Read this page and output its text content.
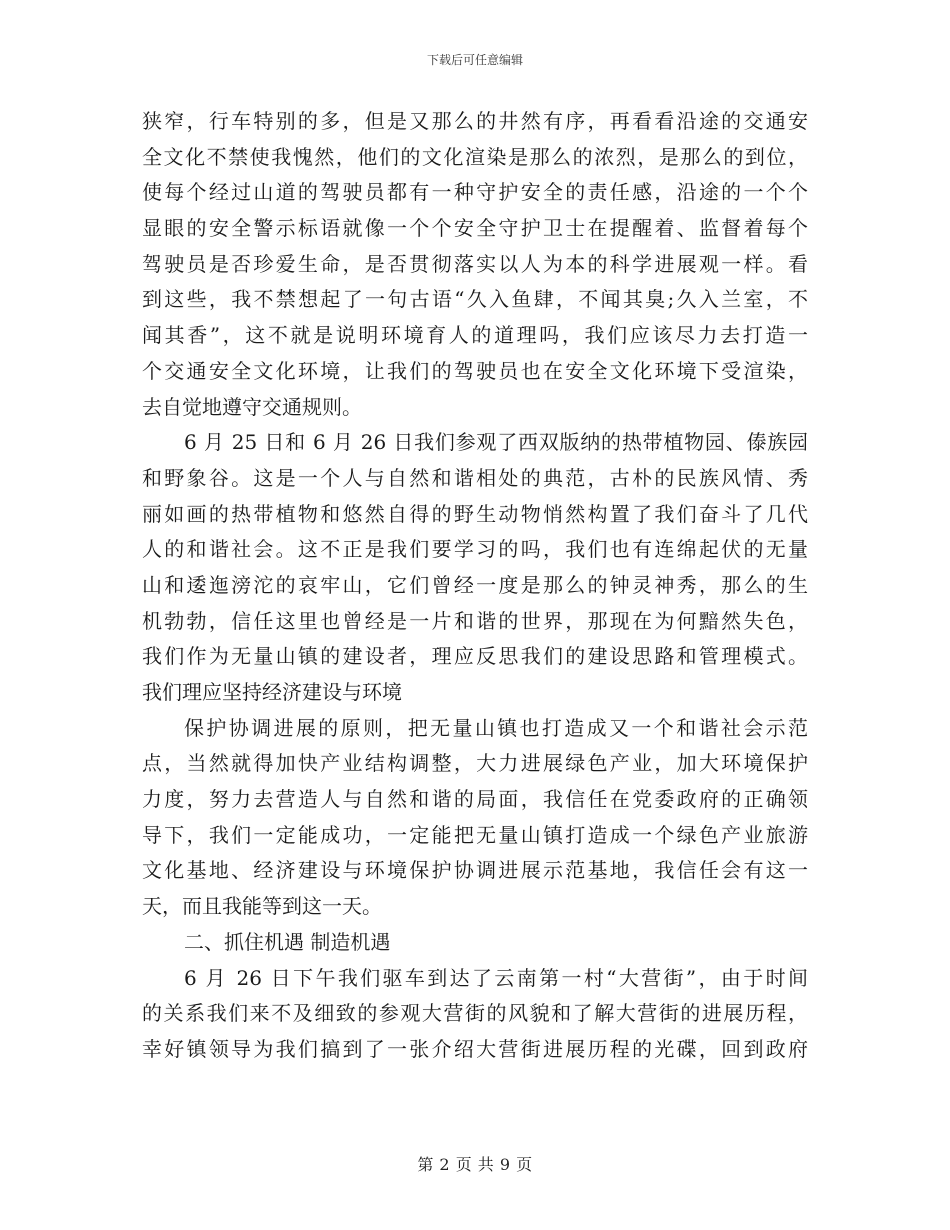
下载后可任意编辑
狭窄，行车特别的多，但是又那么的井然有序，再看看沿途的交通安
全文化不禁使我愧然，他们的文化渲染是那么的浓烈，是那么的到位，
使每个经过山道的驾驶员都有一种守护安全的责任感，沿途的一个个
显眼的安全警示标语就像一个个安全守护卫士在提醒着、监督着每个
驾驶员是否珍爱生命，是否贯彻落实以人为本的科学进展观一样。看
到这些，我不禁想起了一句古语“久入鱼肆，不闻其臭;久入兰室，不
闻其香”，这不就是说明环境育人的道理吗，我们应该尽力去打造一
个交通安全文化环境，让我们的驾驶员也在安全文化环境下受渲染，
去自觉地遵守交通规则。
6 月 25 日和 6 月 26 日我们参观了西双版纳的热带植物园、傣族园
和野象谷。这是一个人与自然和谐相处的典范，古朴的民族风情、秀
丽如画的热带植物和悠然自得的野生动物悄然构置了我们奋斗了几代
人的和谐社会。这不正是我们要学习的吗，我们也有连绵起伏的无量
山和逶迤滂沱的哀牢山，它们曾经一度是那么的钟灵神秀，那么的生
机勃勃，信任这里也曾经是一片和谐的世界，那现在为何黯然失色，
我们作为无量山镇的建设者，理应反思我们的建设思路和管理模式。
我们理应坚持经济建设与环境
保护协调进展的原则，把无量山镇也打造成又一个和谐社会示范
点，当然就得加快产业结构调整，大力进展绿色产业，加大环境保护
力度，努力去营造人与自然和谐的局面，我信任在党委政府的正确领
导下，我们一定能成功，一定能把无量山镇打造成一个绿色产业旅游
文化基地、经济建设与环境保护协调进展示范基地，我信任会有这一
天，而且我能等到这一天。
二、抓住机遇 制造机遇
6 月 26 日下午我们驱车到达了云南第一村“大营街”，由于时间
的关系我们来不及细致的参观大营街的风貌和了解大营街的进展历程，
幸好镇领导为我们搞到了一张介绍大营街进展历程的光碟，回到政府
第 2 页 共 9 页
